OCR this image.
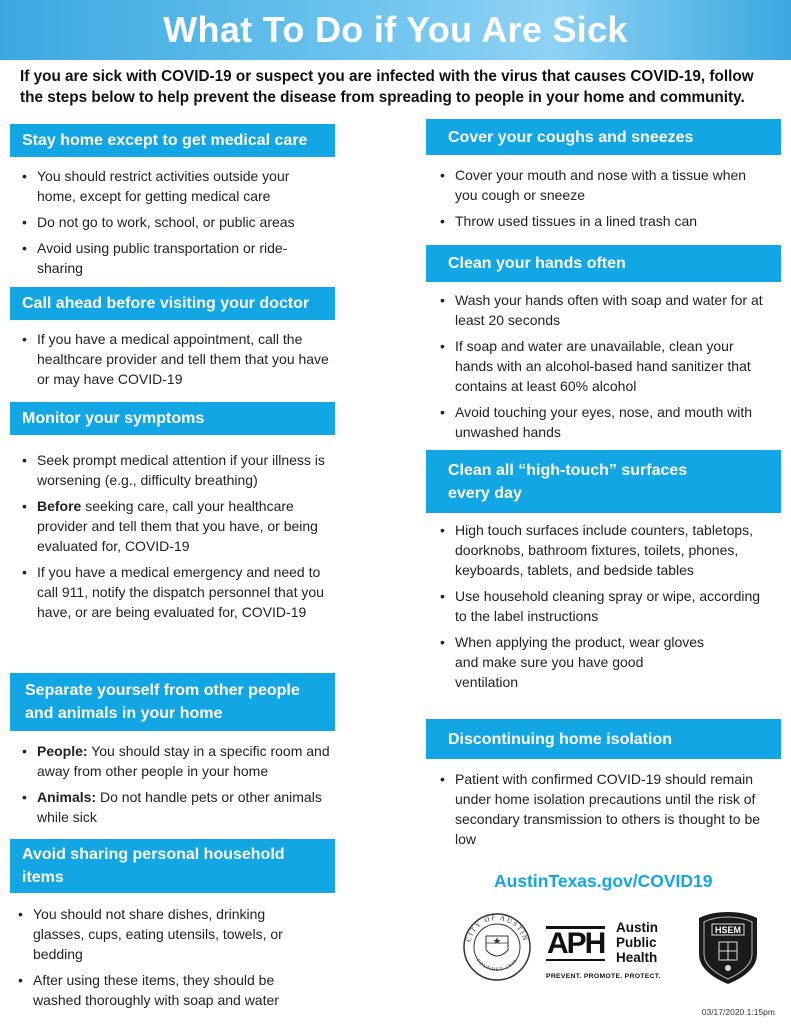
What To Do if You Are Sick

If you are sick with COVID-19 or suspect you are infected with the virus that causes COVID-19, follow the steps below to help prevent the disease from spreading to people in your home and community.

Stay home except to get medical care
• You should restrict activities outside your home, except for getting medical care
• Do not go to work, school, or public areas
• Avoid using public transportation or ride-sharing
Call ahead before visiting your doctor
• If you have a medical appointment, call the healthcare provider and tell them that you have or may have COVID-19
Monitor your symptoms
• Seek prompt medical attention if your illness is worsening (e.g., difficulty breathing)
• Before seeking care, call your healthcare provider and tell them that you have, or being evaluated for, COVID-19
• If you have a medical emergency and need to call 911, notify the dispatch personnel that you have, or are being evaluated for, COVID-19
Separate yourself from other people
and animals in your home
• People: You should stay in a specific room and away from other people in your home
• Animals: Do not handle pets or other animals while sick
Avoid sharing personal household
items
• You should not share dishes, drinking glasses, cups, eating utensils, towels, or bedding
• After using these items, they should be washed thoroughly with soap and water
Cover your coughs and sneezes
• Cover your mouth and nose with a tissue when you cough or sneeze
• Throw used tissues in a lined trash can
Clean your hands often
• Wash your hands often with soap and water for at least 20 seconds
• If soap and water are unavailable, clean your hands with an alcohol-based hand sanitizer that contains at least 60% alcohol
• Avoid touching your eyes, nose, and mouth with unwashed hands
Clean all “high-touch” surfaces
every day
• High touch surfaces include counters, tabletops, doorknobs, bathroom fixtures, toilets, phones, keyboards, tablets, and bedside tables
• Use household cleaning spray or wipe, according to the label instructions
• When applying the product, wear gloves and make sure you have good ventilation
Discontinuing home isolation
• Patient with confirmed COVID-19 should remain under home isolation precautions until the risk of secondary transmission to others is thought to be low
AustinTexas.gov/COVID19
CITY OF AUSTIN
FOUNDED 1839
APH Austin
Public
Health
PREVENT. PROMOTE. PROTECT.
HSEM
03/17/2020 1:15pm
